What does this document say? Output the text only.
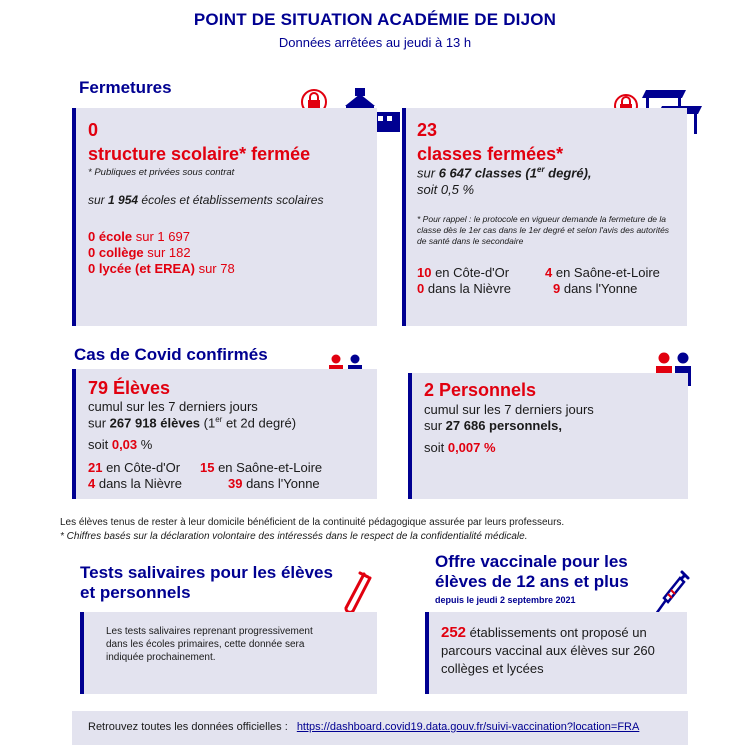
POINT DE SITUATION ACADÉMIE DE DIJON
Données arrêtées au jeudi à 13 h
Fermetures
0
structure scolaire* fermée
* Publiques et privées sous contrat
sur 1 954 écoles et établissements scolaires
0 école sur 1 697
0 collège sur 182
0 lycée (et EREA) sur 78
23
classes fermées*
sur 6 647 classes (1er degré),
soit 0,5 %
* Pour rappel : le protocole en vigueur demande la fermeture de la classe dès le 1er cas dans le 1er degré et selon l'avis des autorités de santé dans le secondaire
10 en Côte-d'Or	4 en Saône-et-Loire
0 dans la Nièvre	9 dans l'Yonne
Cas de Covid confirmés
79 Élèves
cumul sur les 7 derniers jours
sur 267 918 élèves (1er et 2d degré)
soit 0,03 %
21 en Côte-d'Or 15 en Saône-et-Loire
4 dans la Nièvre	39 dans l'Yonne
2 Personnels
cumul sur les 7 derniers jours
sur 27 686 personnels,
soit 0,007 %
Les élèves tenus de rester à leur domicile bénéficient de la continuité pédagogique assurée par leurs professeurs.
* Chiffres basés sur la déclaration volontaire des intéressés dans le respect de la confidentialité médicale.
Tests salivaires pour les élèves et personnels
Les tests salivaires reprenant progressivement dans les écoles primaires, cette donnée sera indiquée prochainement.
Offre vaccinale pour les élèves de 12 ans et plus
depuis le jeudi 2 septembre 2021
252 établissements ont proposé un parcours vaccinal aux élèves sur 260 collèges et lycées
Retrouvez toutes les données officielles : https://dashboard.covid19.data.gouv.fr/suivi-vaccination?location=FRA
